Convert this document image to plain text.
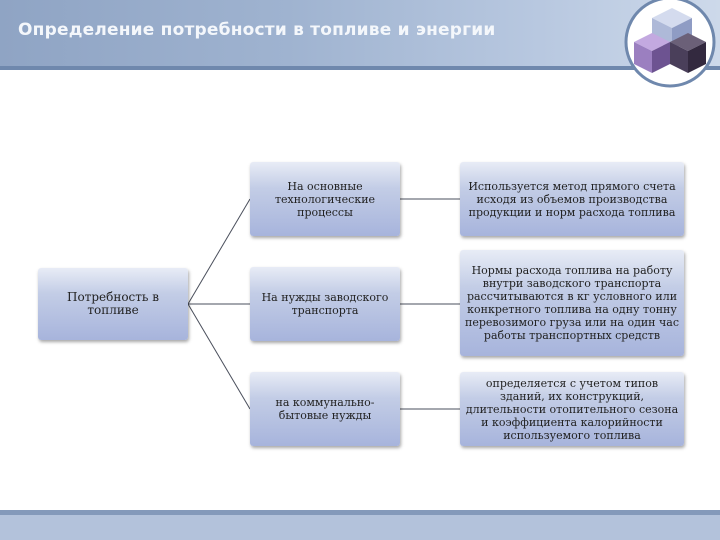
Определение потребности в топливе и энергии
Потребность в топливе
На основные технологические процессы
На нужды заводского транспорта
на коммунально-бытовые нужды
Используется метод прямого счета исходя из объемов производства продукции и норм расхода топлива
Нормы расхода топлива на работу внутри заводского транспорта рассчитываются в кг условного или конкретного топлива на одну тонну перевозимого груза или на один час работы транспортных средств
определяется с учетом типов зданий, их конструкций, длительности отопительного сезона и коэффициента калорийности используемого топлива
